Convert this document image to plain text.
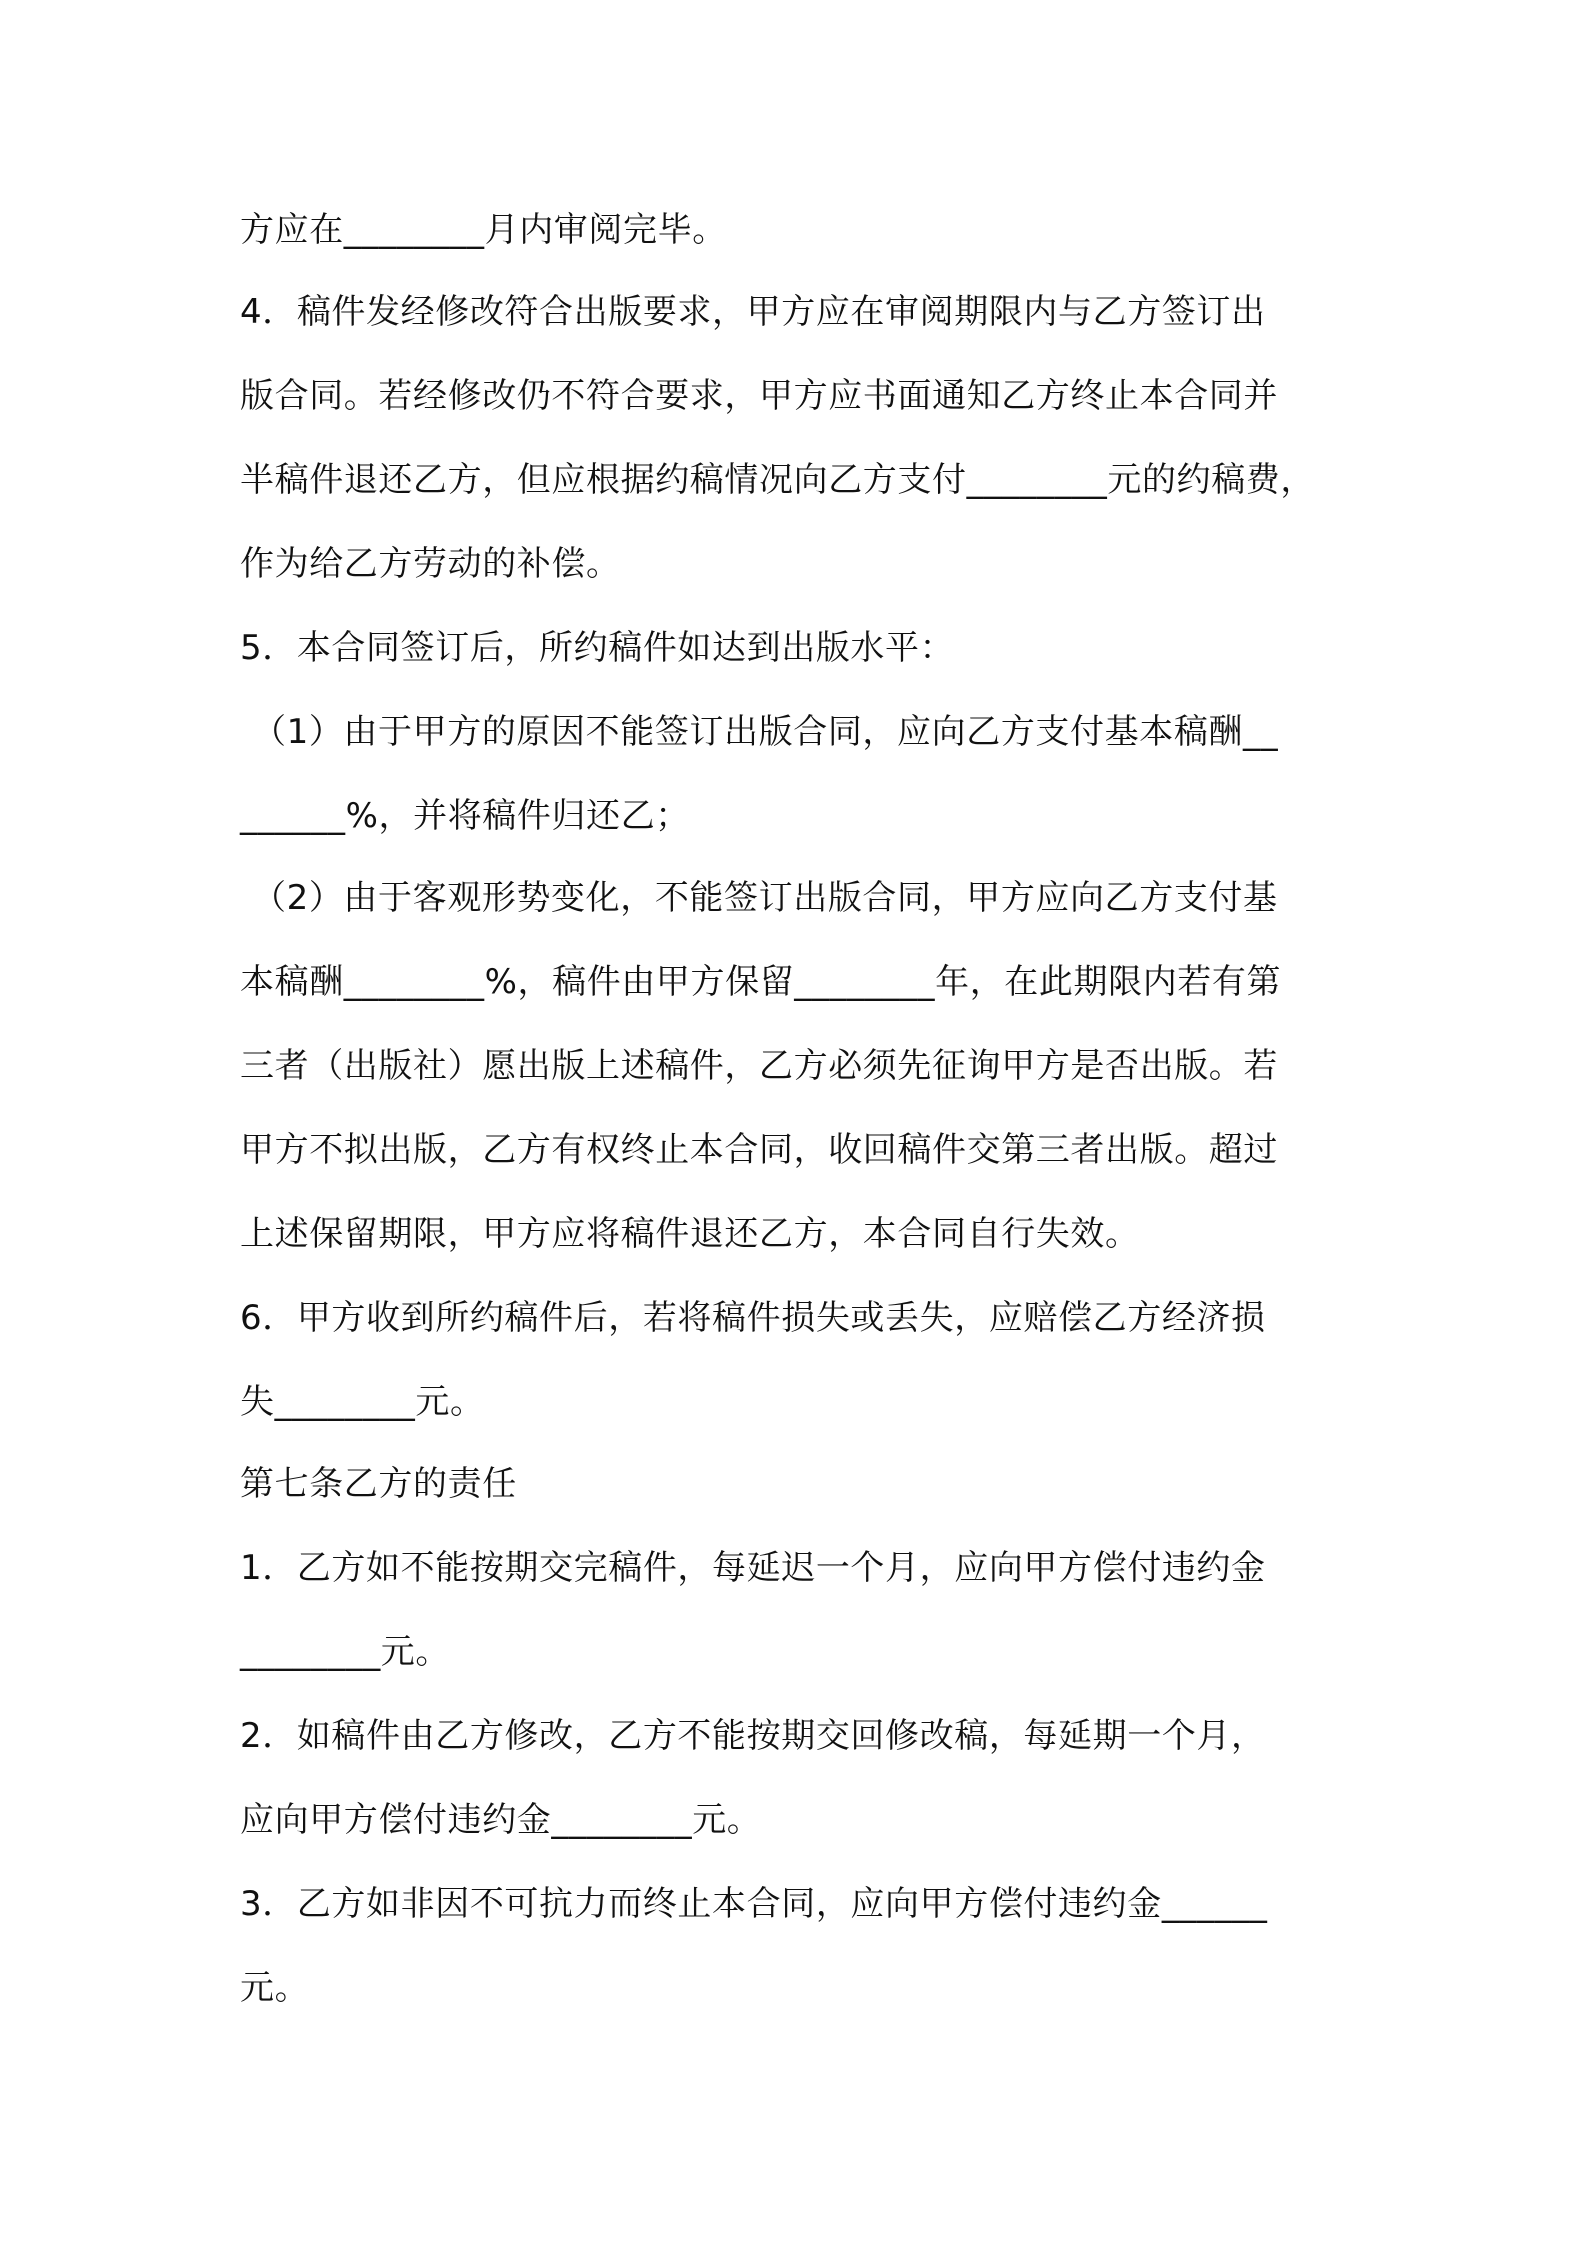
方应在________月内审阅完毕。
4．稿件发经修改符合出版要求，甲方应在审阅期限内与乙方签订出
版合同。若经修改仍不符合要求，甲方应书面通知乙方终止本合同并
半稿件退还乙方，但应根据约稿情况向乙方支付________元的约稿费，
作为给乙方劳动的补偿。
5．本合同签订后，所约稿件如达到出版水平：
（1）由于甲方的原因不能签订出版合同，应向乙方支付基本稿酬__
______%，并将稿件归还乙；
（2）由于客观形势变化，不能签订出版合同，甲方应向乙方支付基
本稿酬________%，稿件由甲方保留________年，在此期限内若有第
三者（出版社）愿出版上述稿件，乙方必须先征询甲方是否出版。若
甲方不拟出版，乙方有权终止本合同，收回稿件交第三者出版。超过
上述保留期限，甲方应将稿件退还乙方，本合同自行失效。
6．甲方收到所约稿件后，若将稿件损失或丢失，应赔偿乙方经济损
失________元。
第七条乙方的责任
1．乙方如不能按期交完稿件，每延迟一个月，应向甲方偿付违约金
________元。
2．如稿件由乙方修改，乙方不能按期交回修改稿，每延期一个月，
应向甲方偿付违约金________元。
3．乙方如非因不可抗力而终止本合同，应向甲方偿付违约金______
元。
